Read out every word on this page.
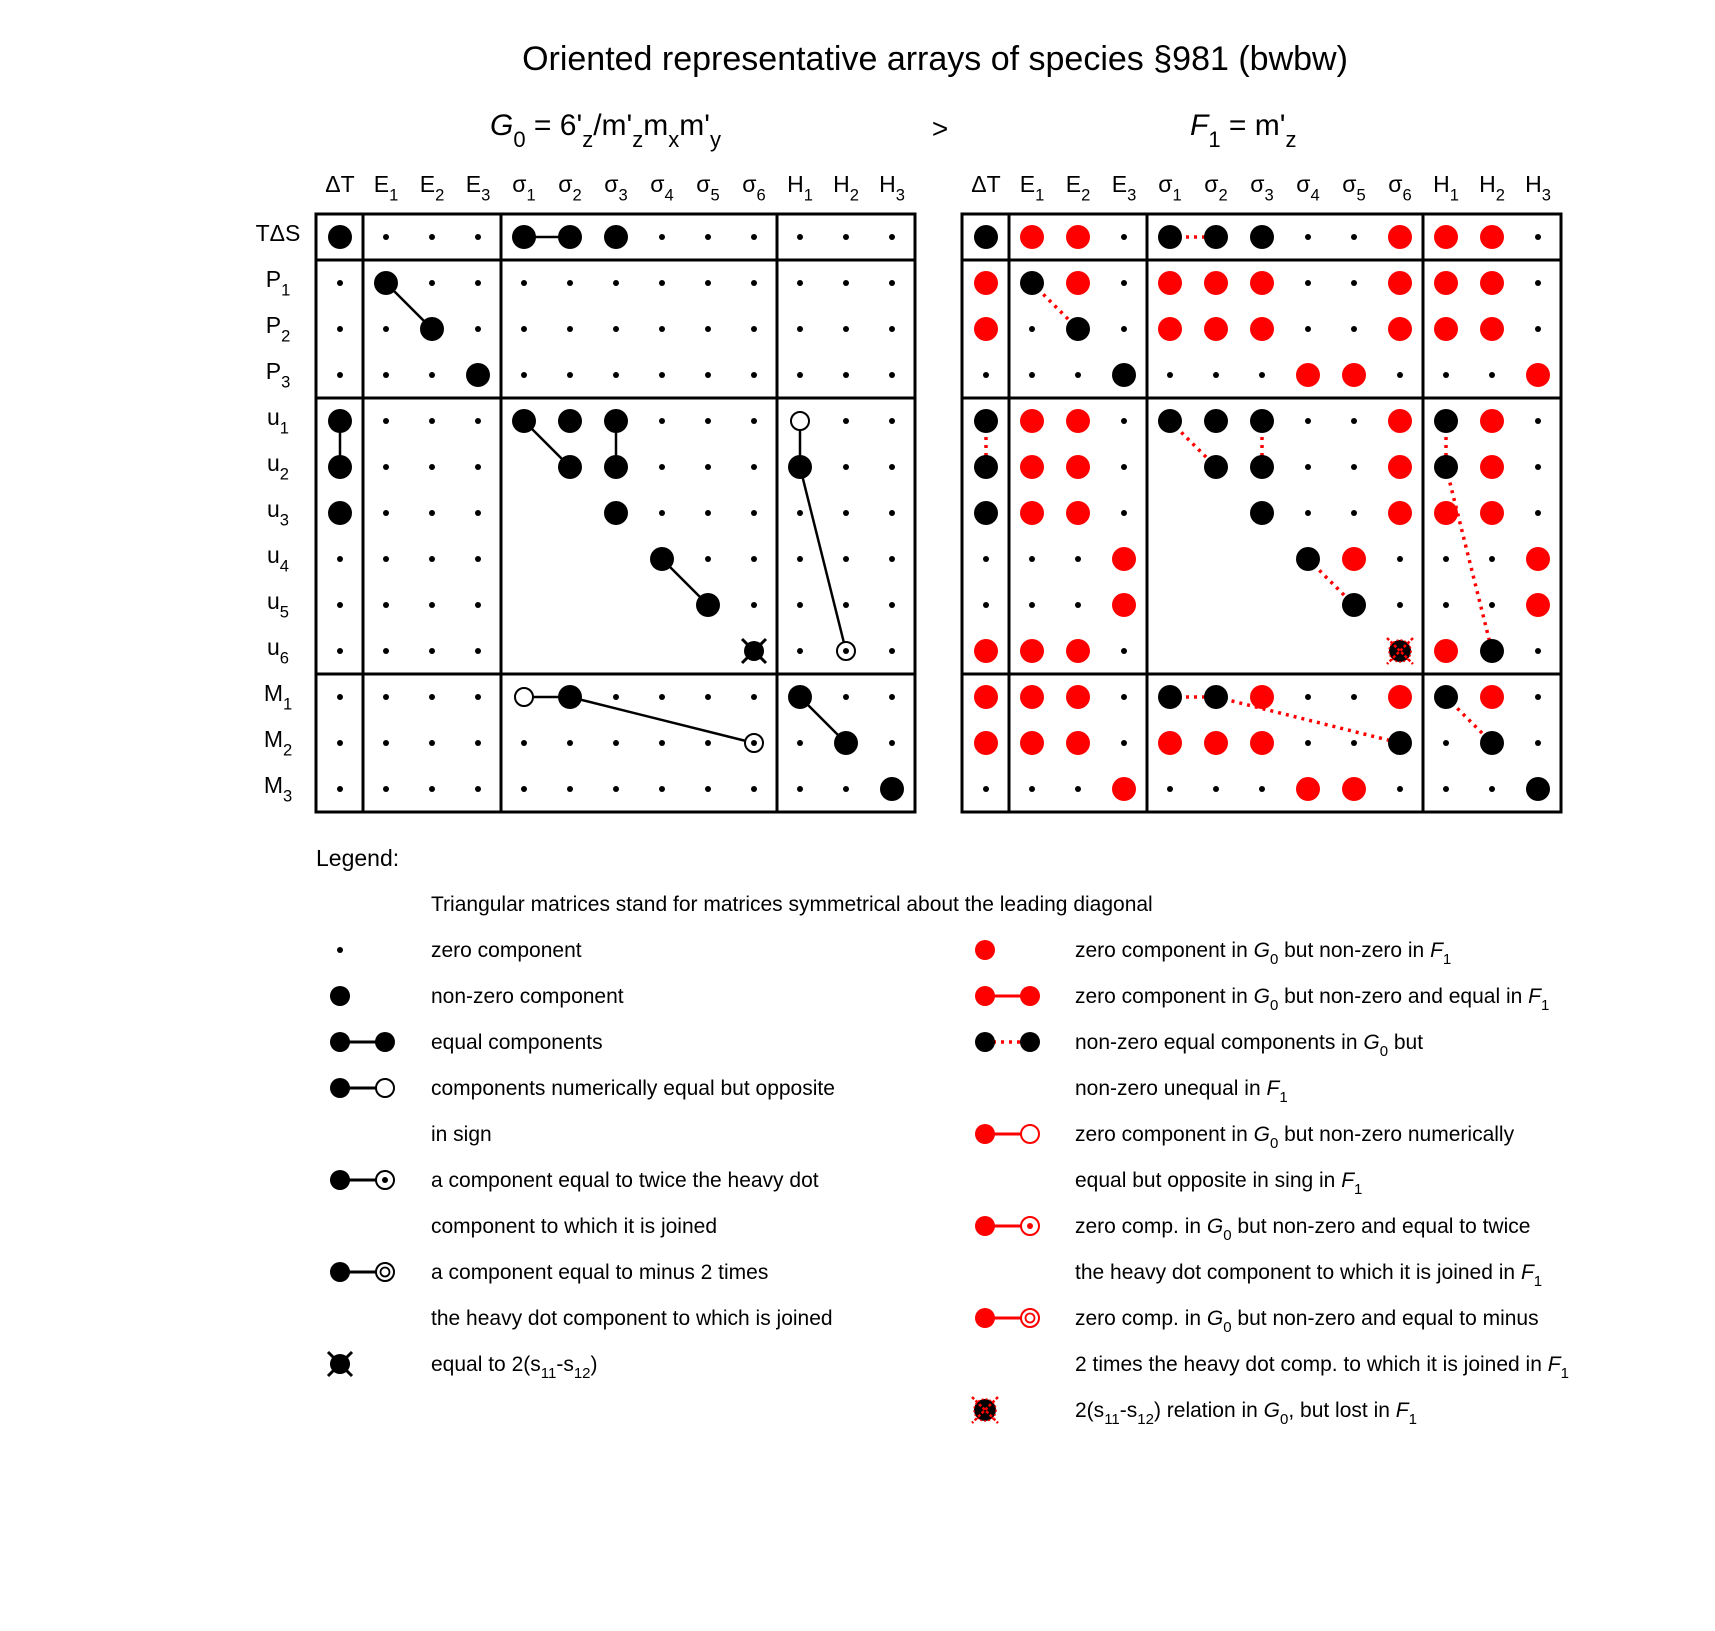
Oriented representative arrays of species §981 (bwbw)
>
$G_0 = 6'_z/m'_zm_xm'_y$	$F_1 = m'_z$
TΔS
$P_1$
$P_2$
$P_3$
$u_1$
$u_2$
$u_3$
$u_4$
$u_5$
$u_6$
$M_1$
$M_2$
$M_3$
ΔT $E_1$ $E_2$ $E_3$ $\sigma_1$ $\sigma_2$ $\sigma_3$ $\sigma_4$ $\sigma_5$ $\sigma_6$ $H_1$ $H_2$ $H_3$	ΔT $E_1$ $E_2$ $E_3$ $\sigma_1$ $\sigma_2$ $\sigma_3$ $\sigma_4$ $\sigma_5$ $\sigma_6$ $H_1$ $H_2$ $H_3$
Legend:
Triangular matrices stand for matrices symmetrical about the leading diagonal
zero component
non-zero component
equal components
components numerically equal but opposite
in sign
a component equal to twice the heavy dot
component to which it is joined
a component equal to minus 2 times
the heavy dot component to which is joined
equal to $2(s_{11}-s_{12})$
zero component in $G_0$ but non-zero in $F_1$
zero component in $G_0$ but non-zero and equal in $F_1$
non-zero equal components in $G_0$ but
non-zero unequal in $F_1$
zero component in $G_0$ but non-zero numerically
equal but opposite in sing in $F_1$
zero comp. in $G_0$ but non-zero and equal to twice
the heavy dot component to which it is joined in $F_1$
zero comp. in $G_0$ but non-zero and equal to minus
2 times the heavy dot comp. to which it is joined in $F_1$
$2(s_{11}-s_{12})$ relation in $G_0$, but lost in $F_1$
